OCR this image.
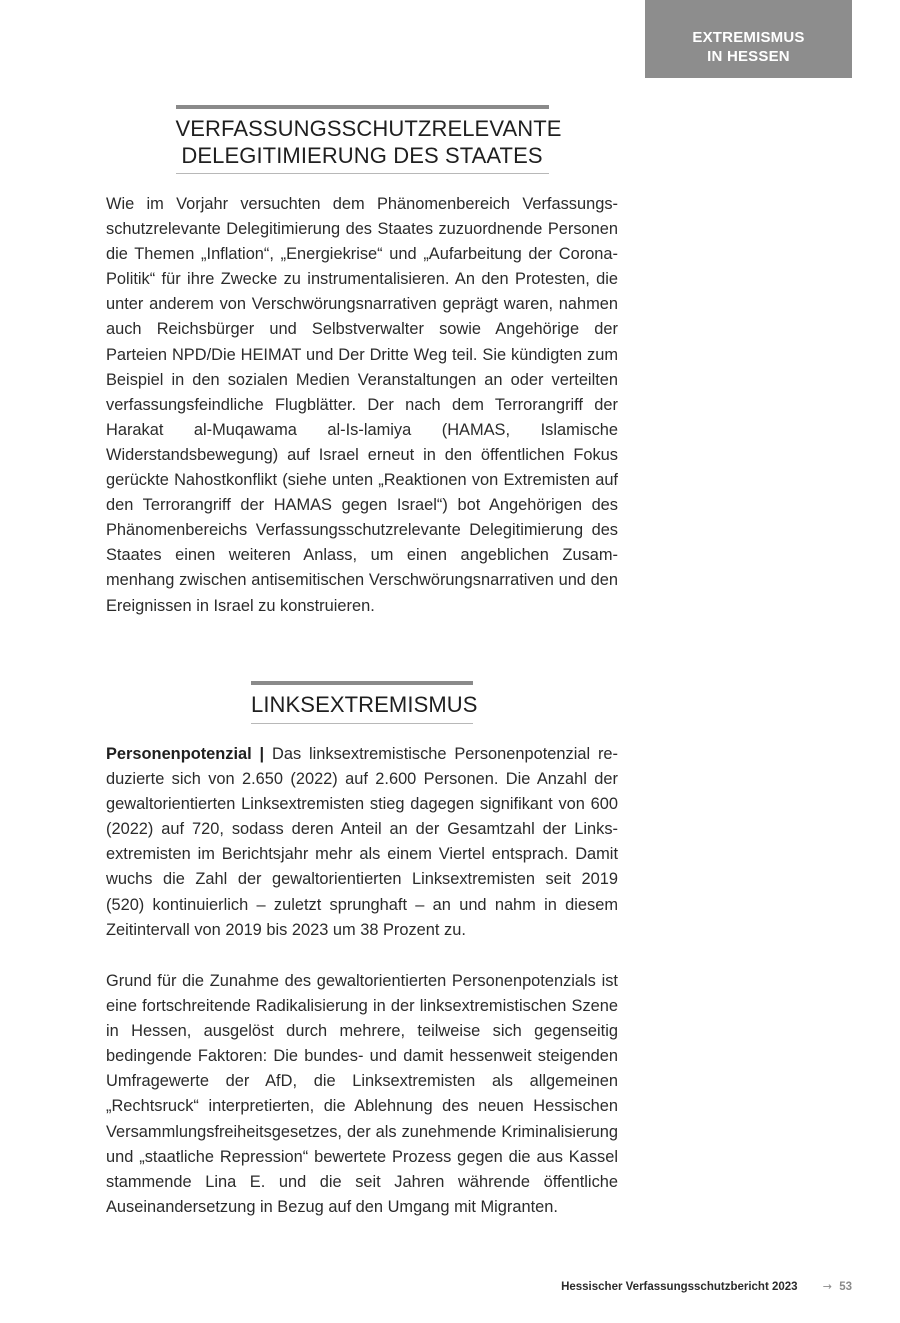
EXTREMISMUS
IN HESSEN
VERFASSUNGSSCHUTZRELEVANTE
DELEGITIMIERUNG DES STAATES

Wie im Vorjahr versuchten dem Phänomenbereich Verfassungsschutzrelevante Delegitimierung des Staates zuzuordnende Personen die Themen „Inflation“, „Energiekrise“ und „Aufarbeitung der Corona-Politik“ für ihre Zwecke zu instrumentalisieren. An den Protesten, die unter anderem von Verschwörungsnarrativen geprägt waren, nahmen auch Reichsbürger und Selbstverwalter sowie Angehörige der Parteien NPD/Die HEIMAT und Der Dritte Weg teil. Sie kündigten zum Beispiel in den sozialen Medien Veranstaltungen an oder verteilten verfassungsfeindliche Flugblätter. Der nach dem Terrorangriff der Harakat al-Muqawama al-Is-lamiya (HAMAS, Islamische Widerstandsbewegung) auf Israel erneut in den öffentlichen Fokus gerückte Nahostkonflikt (siehe unten „Reaktionen von Extremisten auf den Terrorangriff der HAMAS gegen Israel“) bot Angehörigen des Phänomenbereichs Verfassungsschutzrelevante Delegitimierung des Staates einen weiteren Anlass, um einen angeblichen Zusammenhang zwischen antisemitischen Verschwörungsnarrativen und den Ereignissen in Israel zu konstruieren.

LINKSEXTREMISMUS

Personenpotenzial | Das linksextremistische Personenpotenzial reduzierte sich von 2.650 (2022) auf 2.600 Personen. Die Anzahl der gewaltorientierten Linksextremisten stieg dagegen signifikant von 600 (2022) auf 720, sodass deren Anteil an der Gesamtzahl der Linksextremisten im Berichtsjahr mehr als einem Viertel entsprach. Damit wuchs die Zahl der gewaltorientierten Linksextremisten seit 2019 (520) kontinuierlich – zuletzt sprunghaft – an und nahm in diesem Zeitintervall von 2019 bis 2023 um 38 Prozent zu.

Grund für die Zunahme des gewaltorientierten Personenpotenzials ist eine fortschreitende Radikalisierung in der linksextremistischen Szene in Hessen, ausgelöst durch mehrere, teilweise sich gegenseitig bedingende Faktoren: Die bundes- und damit hessenweit steigenden Umfragewerte der AfD, die Linksextremisten als allgemeinen „Rechtsruck“ interpretierten, die Ablehnung des neuen Hessischen Versammlungsfreiheitsgesetzes, der als zunehmende Kriminalisierung und „staatliche Repression“ bewertete Prozess gegen die aus Kassel stammende Lina E. und die seit Jahren währende öffentliche Auseinandersetzung in Bezug auf den Umgang mit Migranten.

Hessischer Verfassungsschutzbericht 2023 → 53
